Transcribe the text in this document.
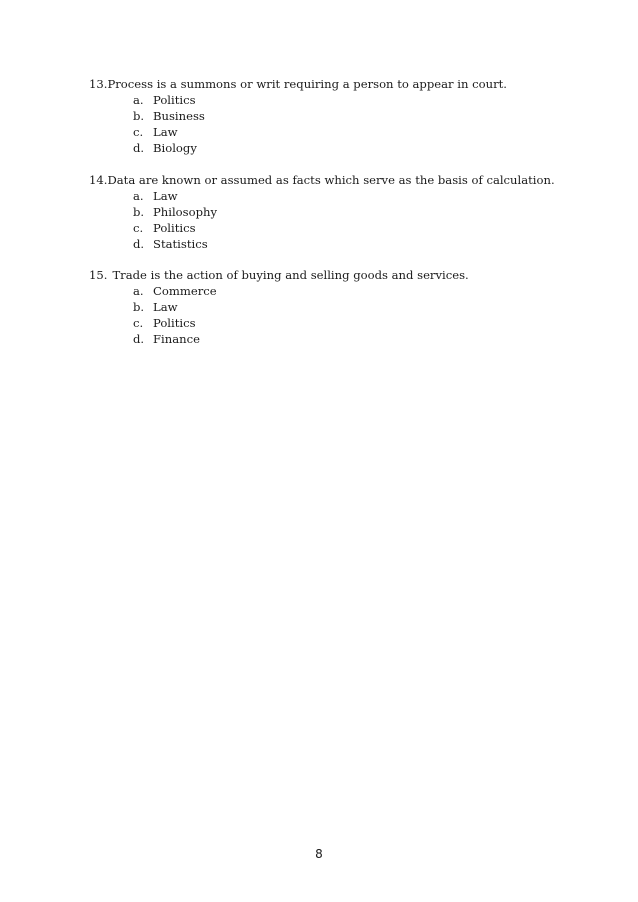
13. Process is a summons or writ requiring a person to appear in court.
a. Politics
b. Business
c. Law
d. Biology
14. Data are known or assumed as facts which serve as the basis of calculation.
a. Law
b. Philosophy
c. Politics
d. Statistics
15. Trade is the action of buying and selling goods and services.
a. Commerce
b. Law
c. Politics
d. Finance
8
